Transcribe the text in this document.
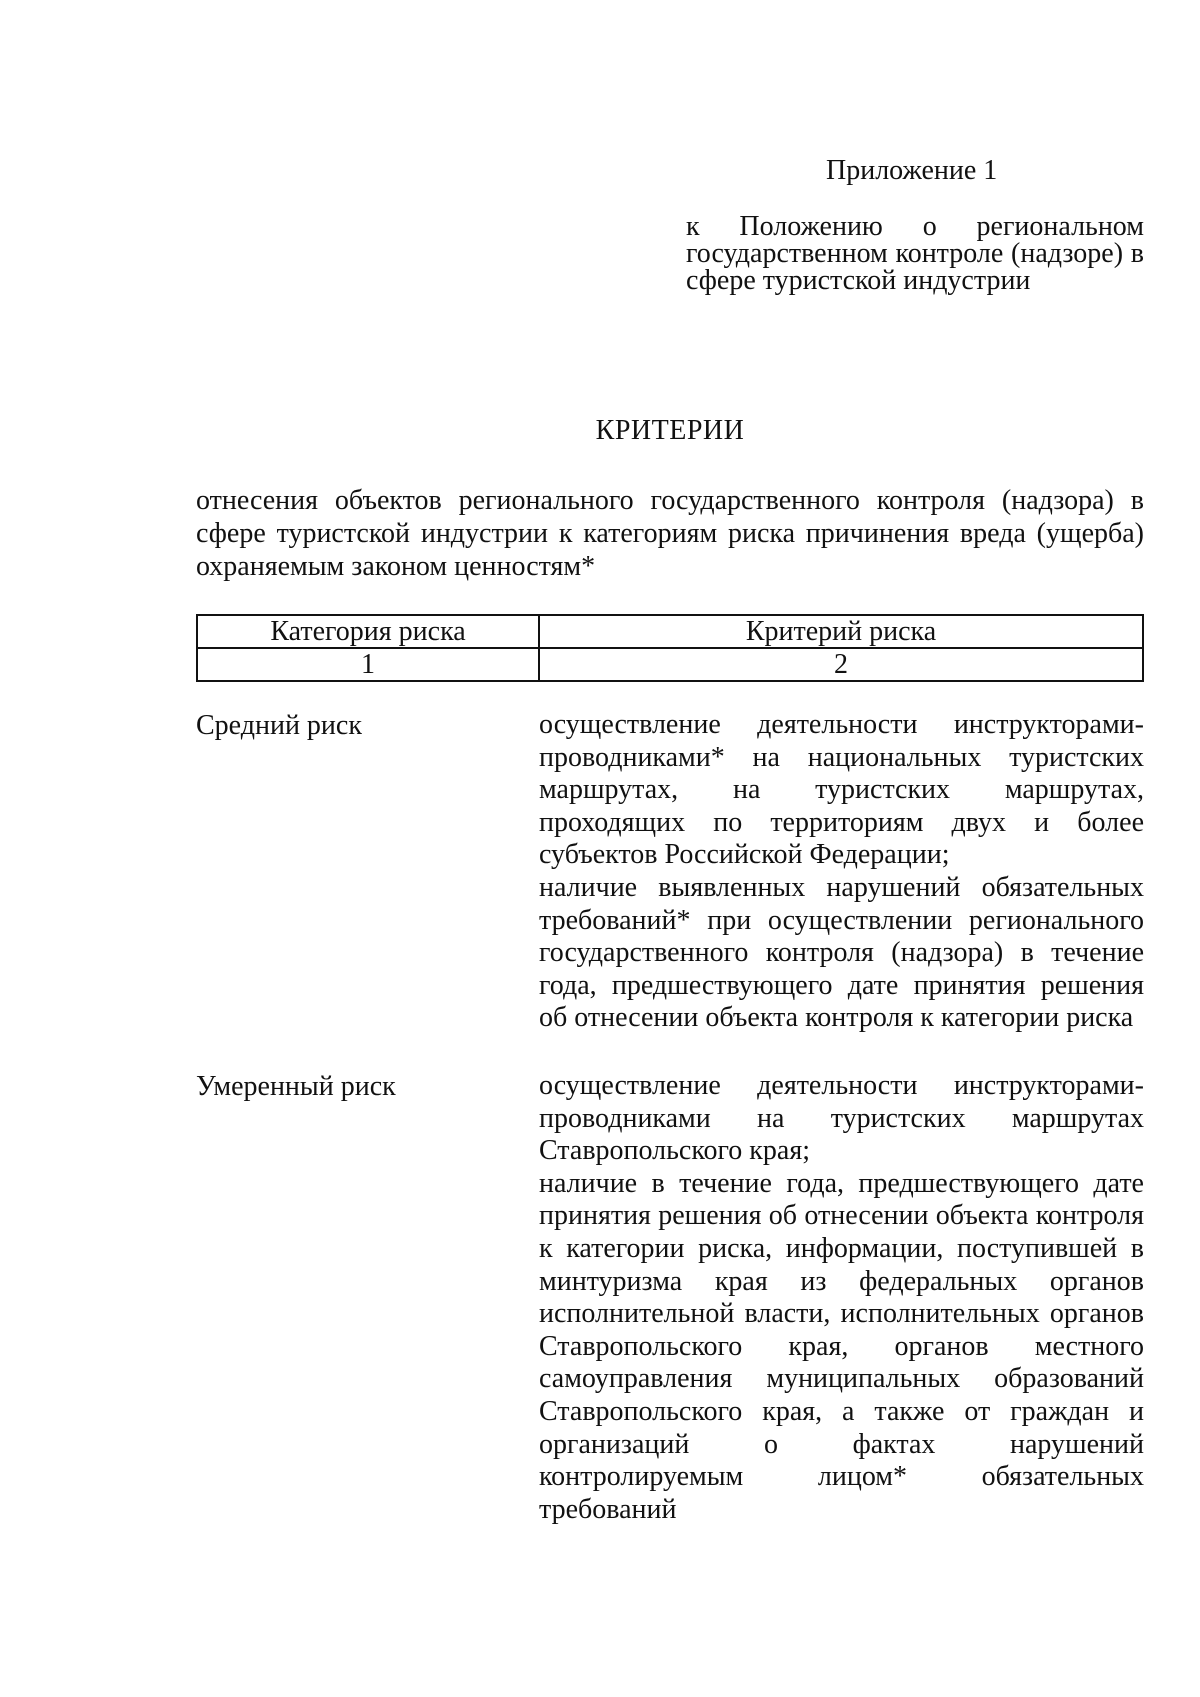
Приложение 1
к Положению о региональном государственном контроле (надзоре) в сфере туристской индустрии
КРИТЕРИИ
отнесения объектов регионального государственного контроля (надзора) в сфере туристской индустрии к категориям риска причинения вреда (ущерба) охраняемым законом ценностям*
Категория риска	Критерий риска
1	2
Средний риск	осуществление деятельности инструкторами-проводниками* на национальных туристских маршрутах, на туристских маршрутах, проходящих по территориям двух и более субъектов Российской Федерации;

наличие выявленных нарушений обязательных требований* при осуществлении регионального государственного контроля (надзора) в течение года, предшествующего дате принятия решения об отнесении объекта контроля к категории риска

Умеренный риск	осуществление деятельности инструкторами-проводниками на туристских маршрутах Ставропольского края;

наличие в течение года, предшествующего дате принятия решения об отнесении объекта контроля к категории риска, информации, поступившей в минтуризма края из федеральных органов исполнительной власти, исполнительных органов Ставропольского края, органов местного самоуправления муниципальных образований Ставропольского края, а также от граждан и организаций о фактах нарушений контролируемым лицом* обязательных требований
